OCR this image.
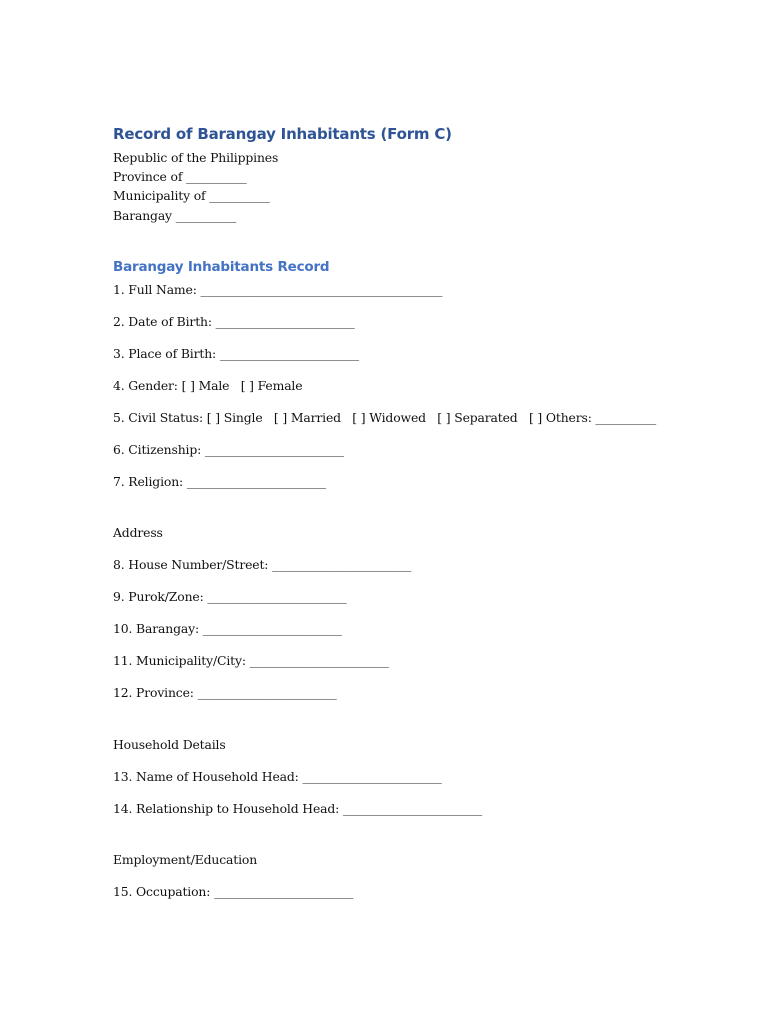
Record of Barangay Inhabitants (Form C)
Republic of the Philippines
Province of __________
Municipality of __________
Barangay __________
Barangay Inhabitants Record
1. Full Name: ________________________________________
2. Date of Birth: _______________________
3. Place of Birth: _______________________
4. Gender: [ ] Male   [ ] Female
5. Civil Status: [ ] Single   [ ] Married   [ ] Widowed   [ ] Separated   [ ] Others: __________
6. Citizenship: _______________________
7. Religion: _______________________
Address
8. House Number/Street: _______________________
9. Purok/Zone: _______________________
10. Barangay: _______________________
11. Municipality/City: _______________________
12. Province: _______________________
Household Details
13. Name of Household Head: _______________________
14. Relationship to Household Head: _______________________
Employment/Education
15. Occupation: _______________________
